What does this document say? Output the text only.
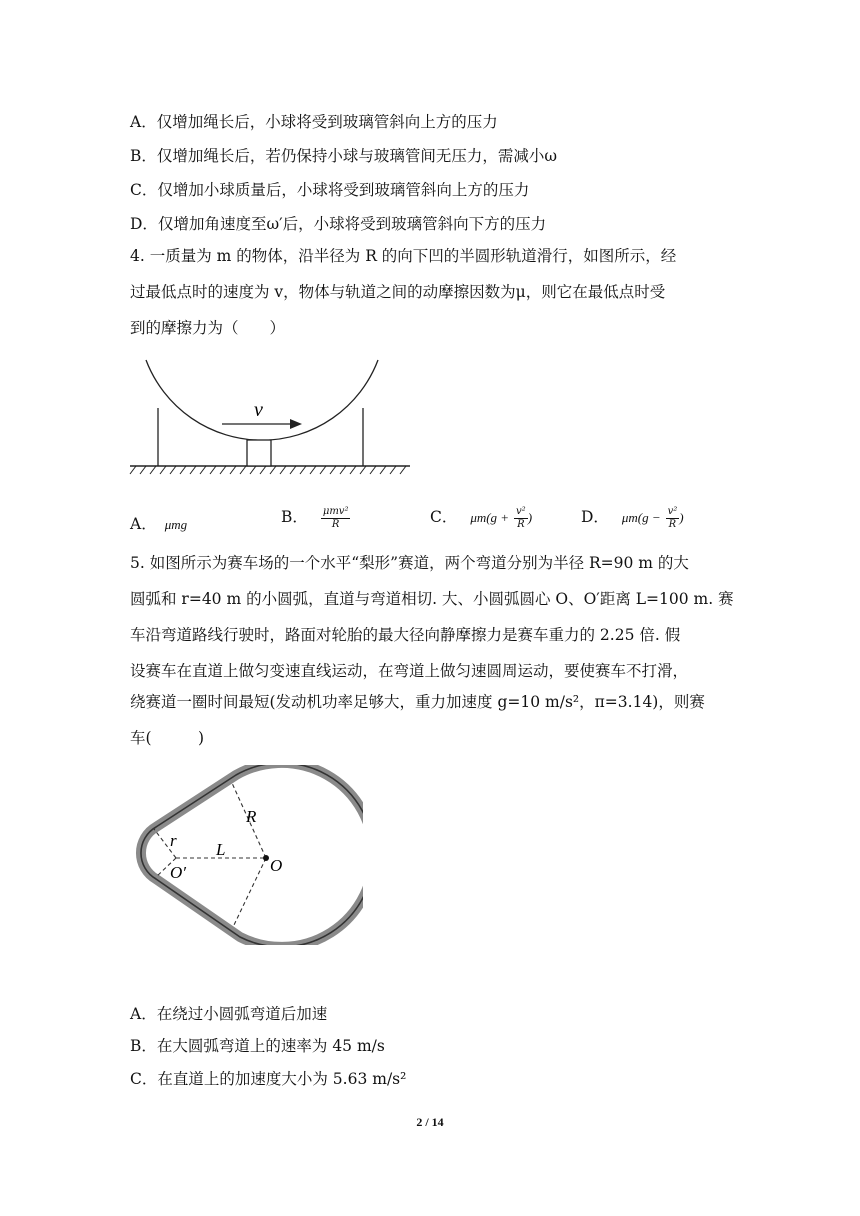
A．仅增加绳长后，小球将受到玻璃管斜向上方的压力
B．仅增加绳长后，若仍保持小球与玻璃管间无压力，需减小ω
C．仅增加小球质量后，小球将受到玻璃管斜向上方的压力
D．仅增加角速度至ω′后，小球将受到玻璃管斜向下方的压力
4. 一质量为 m 的物体，沿半径为 R 的向下凹的半圆形轨道滑行，如图所示，经
过最低点时的速度为 v，物体与轨道之间的动摩擦因数为μ，则它在最低点时受
到的摩擦力为（　　）
v
A． μmg	B． $\frac{\text{μmv²}}{R}$	C． $\mu m(g + \frac{\text{v²}}{R}$ )	D． $\mu m(g - \frac{\text{v²}}{R}$ )
5. 如图所示为赛车场的一个水平“梨形”赛道，两个弯道分别为半径 R=90 m 的大
圆弧和 r=40 m 的小圆弧，直道与弯道相切. 大、小圆弧圆心 O、O′距离 L=100 m. 赛
车沿弯道路线行驶时，路面对轮胎的最大径向静摩擦力是赛车重力的 2.25 倍. 假
设赛车在直道上做匀变速直线运动，在弯道上做匀速圆周运动，要使赛车不打滑，
绕赛道一圈时间最短(发动机功率足够大，重力加速度 g=10 m/s²，π=3.14)，则赛
车(　　　)
R
r L
O
O′
A．在绕过小圆弧弯道后加速
B．在大圆弧弯道上的速率为 45 m/s
C．在直道上的加速度大小为 5.63 m/s²
2 / 14
